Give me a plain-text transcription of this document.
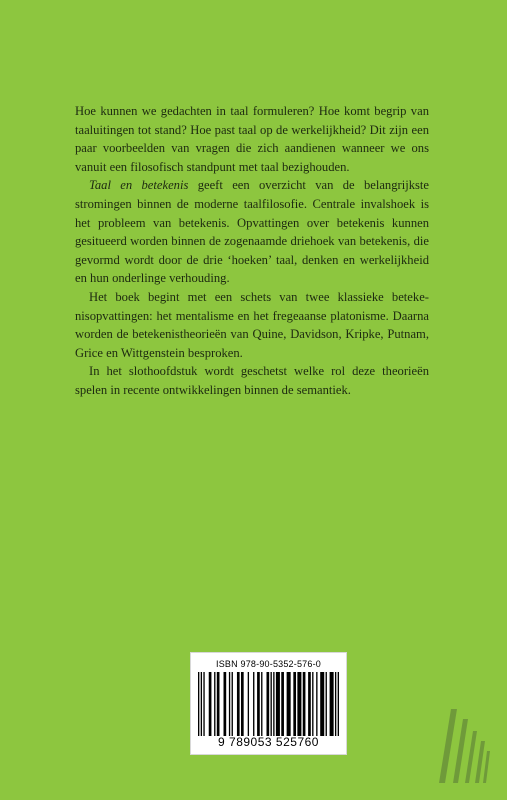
Hoe kunnen we gedachten in taal formuleren? Hoe komt begrip van taaluitingen tot stand? Hoe past taal op de werkelijkheid? Dit zijn een paar voorbeelden van vragen die zich aandienen wanneer we ons vanuit een filosofisch standpunt met taal bezighouden.

Taal en betekenis geeft een overzicht van de belangrijkste stromingen binnen de moderne taalfilosofie. Centrale invalshoek is het probleem van betekenis. Opvattingen over betekenis kunnen gesitueerd worden binnen de zogenaamde driehoek van betekenis, die gevormd wordt door de drie ‘hoeken’ taal, denken en werkelijkheid en hun onderlinge verhouding.

Het boek begint met een schets van twee klassieke betekenisopvattingen: het mentalisme en het fregeaanse platonisme. Daarna worden de betekenistheorieën van Quine, Davidson, Kripke, Putnam, Grice en Wittgenstein besproken.

In het slothoofdstuk wordt geschetst welke rol deze theorieën spelen in recente ontwikkelingen binnen de semantiek.

ISBN 978-90-5352-576-0
9 789053 525760
